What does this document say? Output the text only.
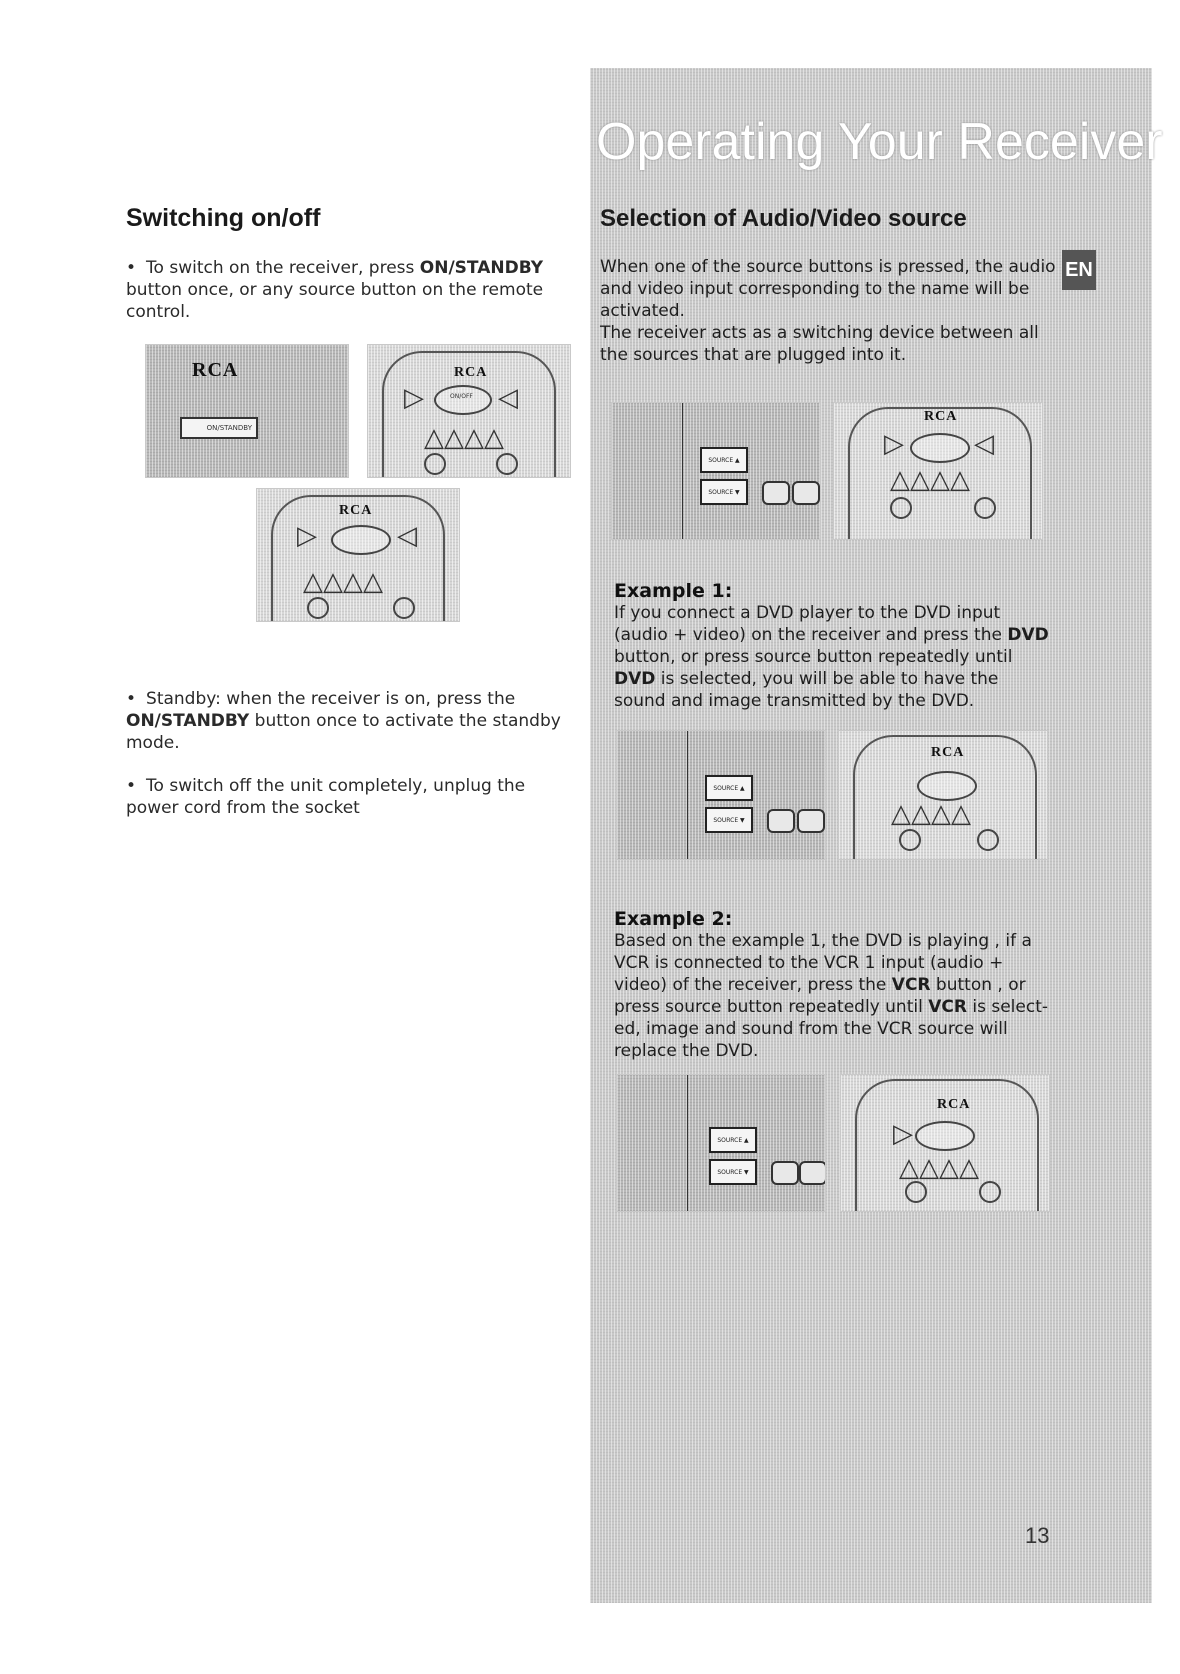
Switching on/off

• To switch on the receiver, press ON/STANDBY button once, or any source button on the remote control.

RCA
ON/STANDBY
RCA
ON/OFF
▷	◁
△△△△
RCA
▷	◁
△△△△

• Standby: when the receiver is on, press the ON/STANDBY button once to activate the standby mode.

• To switch off the unit completely, unplug the power cord from the socket

Operating Your Receiver
Selection of Audio/Video source
EN

When one of the source buttons is pressed, the audio and video input corresponding to the name will be activated.

The receiver acts as a switching device between all the sources that are plugged into it.

SOURCE ▲
SOURCE ▼
RCA
▷	◁
△△△△

Example 1:

If you connect a DVD player to the DVD input (audio + video) on the receiver and press the DVD button, or press source button repeatedly until DVD is selected, you will be able to have the sound and image transmitted by the DVD.

SOURCE ▲
SOURCE ▼
RCA
△△△△

Example 2:

Based on the example 1, the DVD is playing , if a VCR is connected to the VCR 1 input (audio + video) of the receiver, press the VCR button , or press source button repeatedly until VCR is select-ed, image and sound from the VCR source will replace the DVD.

SOURCE ▲
SOURCE ▼
RCA
▷
△△△△
13
